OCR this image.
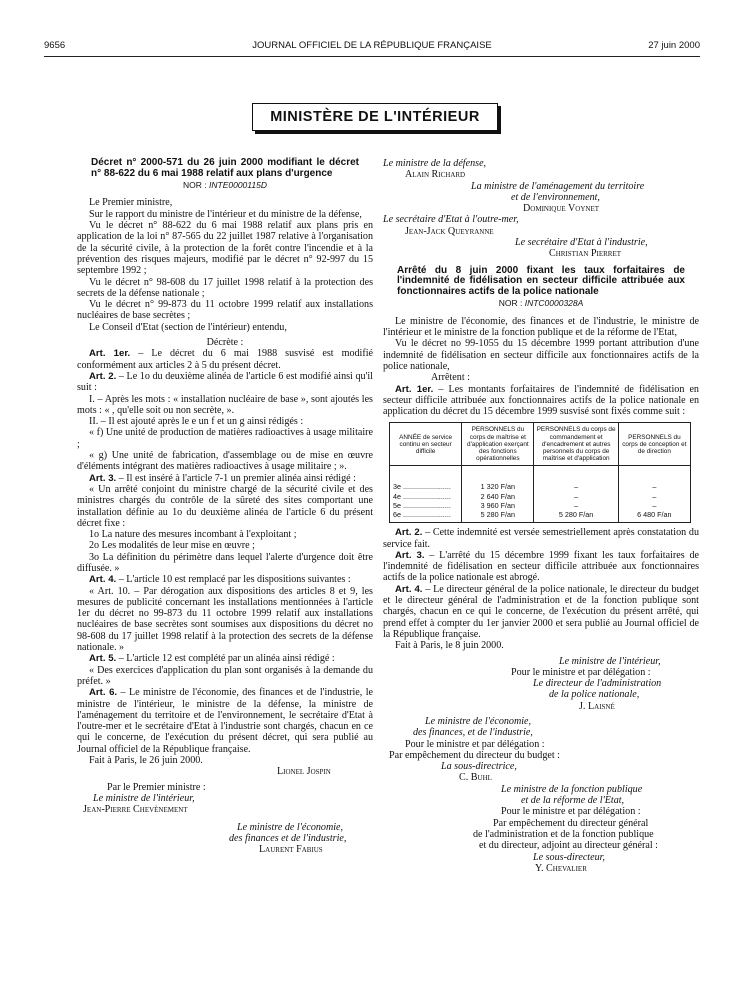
9656	JOURNAL OFFICIEL DE LA RÉPUBLIQUE FRANÇAISE	27 juin 2000
MINISTÈRE DE L'INTÉRIEUR

Décret n° 2000-571 du 26 juin 2000 modifiant le décret n° 88-622 du 6 mai 1988 relatif aux plans d'urgence

NOR : INTE0000115D

Le Premier ministre,

Sur le rapport du ministre de l'intérieur et du ministre de la défense,

Vu le décret n° 88-622 du 6 mai 1988 relatif aux plans pris en application de la loi n° 87-565 du 22 juillet 1987 relative à l'organisation de la sécurité civile, à la protection de la forêt contre l'incendie et à la prévention des risques majeurs, modifié par le décret n° 92-997 du 15 septembre 1992 ;

Vu le décret n° 98-608 du 17 juillet 1998 relatif à la protection des secrets de la défense nationale ;

Vu le décret n° 99-873 du 11 octobre 1999 relatif aux installations nucléaires de base secrètes ;

Le Conseil d'Etat (section de l'intérieur) entendu,

Décrète :

Art. 1er. – Le décret du 6 mai 1988 susvisé est modifié conformément aux articles 2 à 5 du présent décret.

Art. 2. – Le 1o du deuxième alinéa de l'article 6 est modifié ainsi qu'il suit :

I. – Après les mots : « installation nucléaire de base », sont ajoutés les mots : « , qu'elle soit ou non secrète, ».

II. – Il est ajouté après le e un f et un g ainsi rédigés :

« f) Une unité de production de matières radioactives à usage militaire ;

« g) Une unité de fabrication, d'assemblage ou de mise en œuvre d'éléments intégrant des matières radioactives à usage militaire ; ».

Art. 3. – Il est inséré à l'article 7-1 un premier alinéa ainsi rédigé :

« Un arrêté conjoint du ministre chargé de la sécurité civile et des ministres chargés du contrôle de la sûreté des sites comportant une installation définie au 1o du deuxième alinéa de l'article 6 du présent décret fixe :

1o La nature des mesures incombant à l'exploitant ;

2o Les modalités de leur mise en œuvre ;

3o La définition du périmètre dans lequel l'alerte d'urgence doit être diffusée. »

Art. 4. – L'article 10 est remplacé par les dispositions suivantes :

« Art. 10. – Par dérogation aux dispositions des articles 8 et 9, les mesures de publicité concernant les installations mentionnées à l'article 1er du décret no 99-873 du 11 octobre 1999 relatif aux installations nucléaires de base secrètes sont soumises aux dispositions du décret no 98-608 du 17 juillet 1998 relatif à la protection des secrets de la défense nationale. »

Art. 5. – L'article 12 est complété par un alinéa ainsi rédigé :

« Des exercices d'application du plan sont organisés à la demande du préfet. »

Art. 6. – Le ministre de l'économie, des finances et de l'industrie, le ministre de l'intérieur, le ministre de la défense, la ministre de l'aménagement du territoire et de l'environnement, le secrétaire d'Etat à l'outre-mer et le secrétaire d'Etat à l'industrie sont chargés, chacun en ce qui le concerne, de l'exécution du présent décret, qui sera publié au Journal officiel de la République française.

Fait à Paris, le 26 juin 2000.

Lionel Jospin

Par le Premier ministre :

Le ministre de l'intérieur,

Jean-Pierre Chevènement

Le ministre de l'économie,

des finances et de l'industrie,

Laurent Fabius

Le ministre de la défense,

Alain Richard

La ministre de l'aménagement du territoire

et de l'environnement,

Dominique Voynet

Le secrétaire d'Etat à l'outre-mer,

Jean-Jack Queyranne

Le secrétaire d'Etat à l'industrie,

Christian Pierret

Arrêté du 8 juin 2000 fixant les taux forfaitaires de l'indemnité de fidélisation en secteur difficile attribuée aux fonctionnaires actifs de la police nationale

NOR : INTC0000328A

Le ministre de l'économie, des finances et de l'industrie, le ministre de l'intérieur et le ministre de la fonction publique et de la réforme de l'Etat,

Vu le décret no 99-1055 du 15 décembre 1999 portant attribution d'une indemnité de fidélisation en secteur difficile aux fonctionnaires actifs de la police nationale,

Arrêtent :

Art. 1er. – Les montants forfaitaires de l'indemnité de fidélisation en secteur difficile attribuée aux fonctionnaires actifs de la police nationale en application du décret du 15 décembre 1999 susvisé sont fixés comme suit :

ANNÉE de service continu en secteur difficile	PERSONNELS du corps de maîtrise et d'application exerçant des fonctions opérationnelles	PERSONNELS du corps de commandement et d'encadrement et autres personnels du corps de maîtrise et d'application	PERSONNELS du corps de conception et de direction

3e ........................	1 320 F/an	–	–
4e ........................	2 640 F/an	–	–
5e ........................	3 960 F/an	–	–
6e ........................	5 280 F/an	5 280 F/an	6 480 F/an

Art. 2. – Cette indemnité est versée semestriellement après constatation du service fait.

Art. 3. – L'arrêté du 15 décembre 1999 fixant les taux forfaitaires de l'indemnité de fidélisation en secteur difficile attribuée aux fonctionnaires actifs de la police nationale est abrogé.

Art. 4. – Le directeur général de la police nationale, le directeur du budget et le directeur général de l'administration et de la fonction publique sont chargés, chacun en ce qui le concerne, de l'exécution du présent arrêté, qui prend effet à compter du 1er janvier 2000 et sera publié au Journal officiel de la République française.

Fait à Paris, le 8 juin 2000.

Le ministre de l'intérieur,

Pour le ministre et par délégation :

Le directeur de l'administration

de la police nationale,

J. Laisné

Le ministre de l'économie,

des finances, et de l'industrie,

Pour le ministre et par délégation :

Par empêchement du directeur du budget :

La sous-directrice,

C. Buhl

Le ministre de la fonction publique

et de la réforme de l'Etat,

Pour le ministre et par délégation :

Par empêchement du directeur général

de l'administration et de la fonction publique

et du directeur, adjoint au directeur général :

Le sous-directeur,

Y. Chevalier
